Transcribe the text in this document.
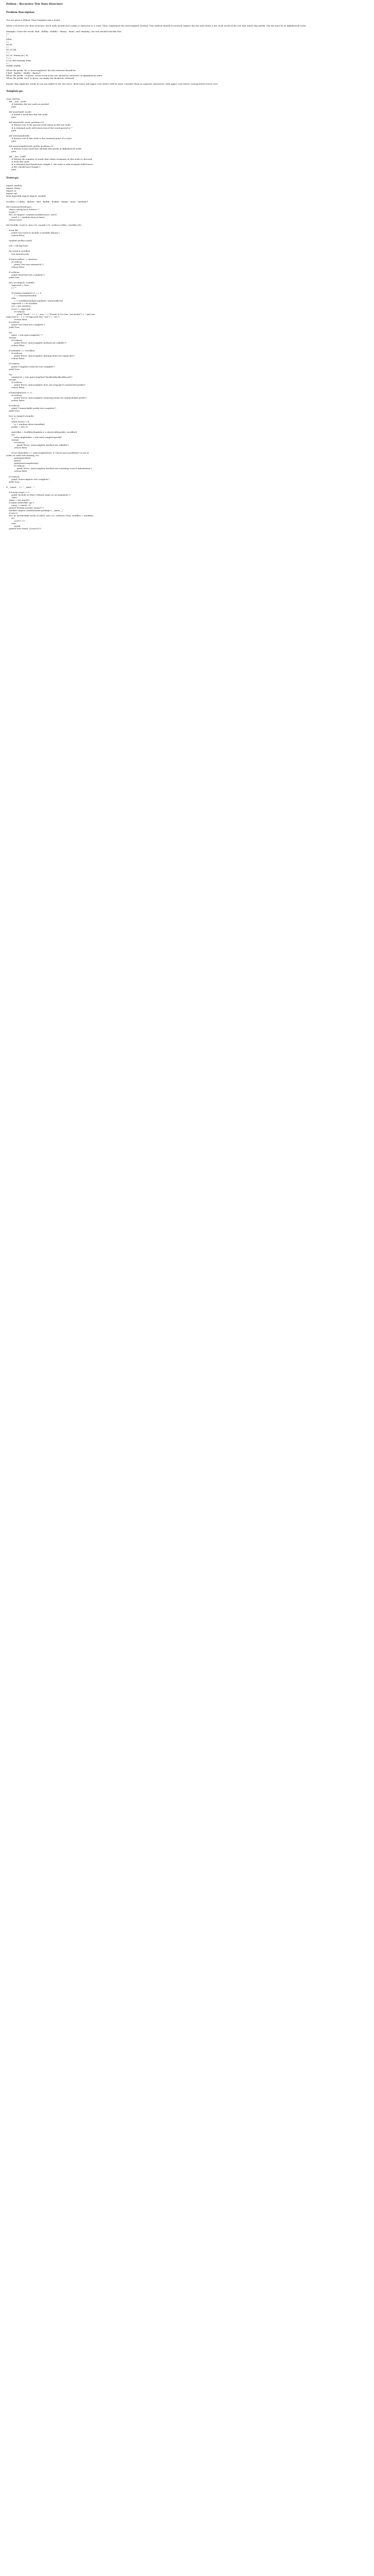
Python - Recursive Trie Data Structure
Problem Description:
You are given a Python Class template and a tester.
Write a recursive trie data structure. Each node should store either a character or a word. Then, implement the autocomplete method. This method should recursively explore the trie and return a list of all words in the trie that match that prefix. The list must be in alphabetical order.
Example: Given the words 'dad', 'daddy', 'daddio', 'danny', 'mum', and 'mummy', the trie should look like this:
| |
\
|d|m|
/ \
|a| |u|
/ \
|d | n| |m|
/ \ \
|d | # | danny |m | #|
/ \ / \
|i | y| dad mummy mum
/ \
daddio daddy
When the prefix 'da' is autocompleted, the list returned should be:
['dad', 'daddio', 'daddy', 'danny'].
When the prefix '' is given, every word in the trie should be returned, in alphabetical order.
When the prefix 'uncl' is given, an empty list should be returned.
Ensure that duplicate words do not get added to the trie twice. Both lower and upper case letters will be used. Consider them as separate characters, with upper case letters coming before lower case.
Template.py:
class MyTrie:
def __init__(self):
# Initialize the trie node as needed
pass

def insert(self, word):
# Insert a word into this trie node
pass

def exists(self, word, position=0):
# Return true if the passed word exists in this trie node
# A terminal node will return true if the word passed is ""
pass

def isTerminal(self):
# Return true if this node is the terminal point of a word
pass

def autoComplete(self, prefix, position=0):
# Return every word that extends this prefix in alphabetical order
pass

def __len__(self):
# Return the number of words that either terminate at this node or descend
# from this node
# A terminal leaf should have length 1, the node A with terminal child leaves
# B|C should have length 2
pass
Tester.py:
import random
import string
import re
import sys
from importlib import import_module

wordlist = ['Abby', 'Abbott', 'dad', 'daddy', 'daddio', 'danny', 'mum', 'mummy']

def GenerateWord(size):
chars=string.ascii_letters+""
word=""
for i in range(0, random.randint(size/2, size)):
word += random.choice(chars)
return word

def Test(lib, seed=0, size=10, rounds=10, verbose=False, wordlist=[]):

if not lib:
print("You need to include a testable library")
return False

random.seed(a=seed)

trie = lib.MyTrie()

for word in wordlist:
trie.insert(word)

if len(wordlist) != len(trie):
if verbose:
print("Trie size mismatch!")
return False

if verbose:
print("Insertion test complete")
yield True

for j in range(0, rounds):
expected = True
c=""

if random.randint(0,2) == 0:
c = GenerateWord(6)
else:
c = wordlist[random.randint(0, len(wordlist))]
expected = c in wordlist
res = trie.exists(c)
if res != expected:
if verbose:
print("Word " + c + " was " + ("found" if res else "not found") + " and was
expected to " + ("" if expected else "not") + " be.")
return False
if verbose:
print("Trie item test complete")
yield True

try:
mlist = trie.autoComplete("")
except:
if verbose:
print("Error: Autocomplete method not callable")
return False

if not(mlist == wordlist):
if verbose:
print("Error: Autocomplete missing items for empty list")
return False

if verbose:
print("Complete retrieval test complete")
yield True

try:
emptyList = trie.autoComplete("fasdfasdfasdfasdfasewf")
except:
if verbose:
print("Error: Autocomplete does not respond to unmatched prefix")
return False

if len(emptyList) != 0:
if verbose:
print("Error: Autocomplete returning items for unmatchable prefix")
return False

if verbose:
print("Unmatchable prefix test complete")
yield True

for j in range(0,rounds):
w = ""
while len(w) < 4:
w = random.choice(wordlist)
prefix = w[0:3]

matchlist = list(filter(lambda x: x.startswith(prefix), wordlist))
try:
autocompletelist = trie.autoComplete(prefix)
except:
if verbose:
print("Error: Autocomplete method not callable")
return False

if not (matchlist == autocompletelist): # Check more problems? ie not in
order, in order but missing, etc
print(matchlist)
print()
print(autocompletelist)
if verbose:
print("Error: Autocomplete method not returning correct information")
return False

if verbose:
print("Autocomplete test complete")
yield True

if __name__ == "__main__":

if len(sys.argv) < 2:
print("Include at least a library name as an argument.")
exit()
name = sys.argv[1]
if name.endswith(".py"):
name = name[:-3]
print(f"Testing module {name}")
module=import_module(name,package=__name__)
score=0
for i in Test(module,seed=123456, size=20, verbose=True, wordlist = wordlist):
if i:
score+=1
else:
break
print(f"Test result: {score}/5")
